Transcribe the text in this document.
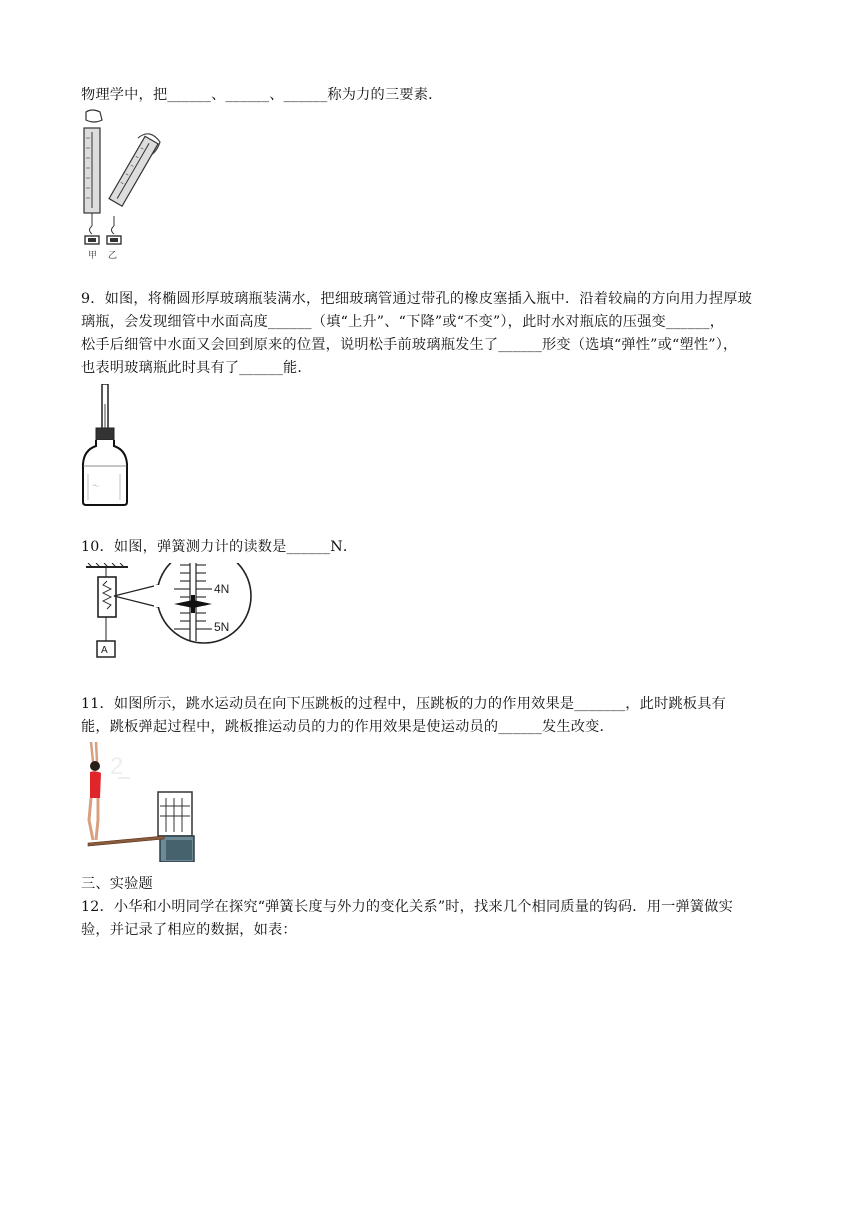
物理学中，把______、______、______称为力的三要素．
甲 乙
9．如图，将椭圆形厚玻璃瓶装满水，把细玻璃管通过带孔的橡皮塞插入瓶中．沿着较扁的方向用力捏厚玻
璃瓶，会发现细管中水面高度______（填“上升”、“下降”或“不变”），此时水对瓶底的压强变______，
松手后细管中水面又会回到原来的位置，说明松手前玻璃瓶发生了______形变（选填“弹性”或“塑性”），
也表明玻璃瓶此时具有了______能．
～
10．如图，弹簧测力计的读数是______N．
A
4N
5N
11．如图所示，跳水运动员在向下压跳板的过程中，压跳板的力的作用效果是_______，此时跳板具有
能，跳板弹起过程中，跳板推运动员的力的作用效果是使运动员的______发生改变．
2
三、实验题
12．小华和小明同学在探究“弹簧长度与外力的变化关系”时，找来几个相同质量的钩码．用一弹簧做实
验，并记录了相应的数据，如表：
